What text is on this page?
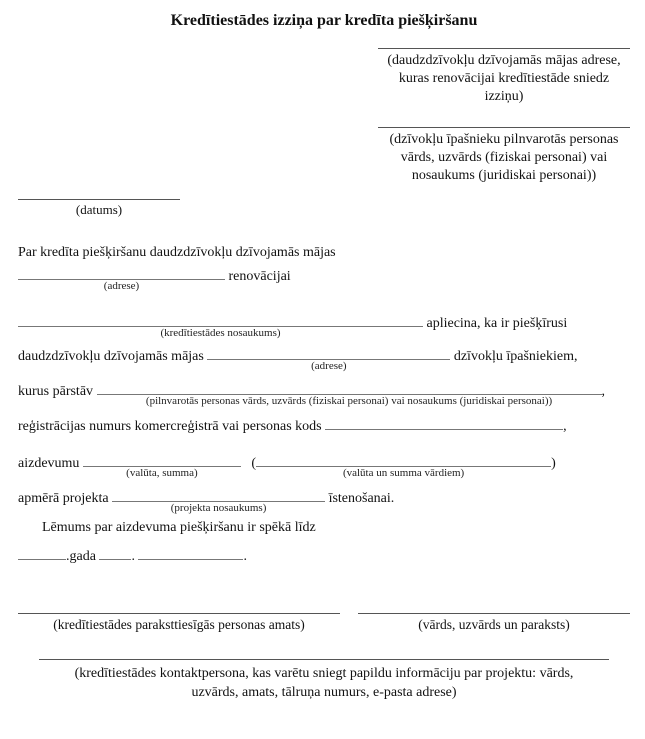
Kredītiestādes izziņa par kredīta piešķiršanu
(daudzdzīvokļu dzīvojamās mājas adrese, kuras renovācijai kredītiestāde sniedz izziņu)
(dzīvokļu īpašnieku pilnvarotās personas vārds, uzvārds (fiziskai personai) vai nosaukums (juridiskai personai))
(datums)

Par kredīta piešķiršanu daudzdzīvokļu dzīvojamās mājas

(adrese)
renovācijai

(kredītiestādes nosaukums)
apliecina, ka ir piešķīrusi

daudzdzīvokļu dzīvojamās mājas
(adrese)
dzīvokļu īpašniekiem,

kurus pārstāv
(pilnvarotās personas vārds, uzvārds (fiziskai personai) vai nosaukums (juridiskai personai))
,

reģistrācijas numurs komercreģistrā vai personas kods	,

aizdevumu
(valūta, summa)
(
(valūta un summa vārdiem)
)

apmērā projekta
(projekta nosaukums)
īstenošanai.

Lēmums par aizdevuma piešķiršanu ir spēkā līdz

.gada	.	.

(kredītiestādes paraksttiesīgās personas amats)	(vārds, uzvārds un paraksts)
(kredītiestādes kontaktpersona, kas varētu sniegt papildu informāciju par projektu: vārds, uzvārds, amats, tālruņa numurs, e-pasta adrese)
